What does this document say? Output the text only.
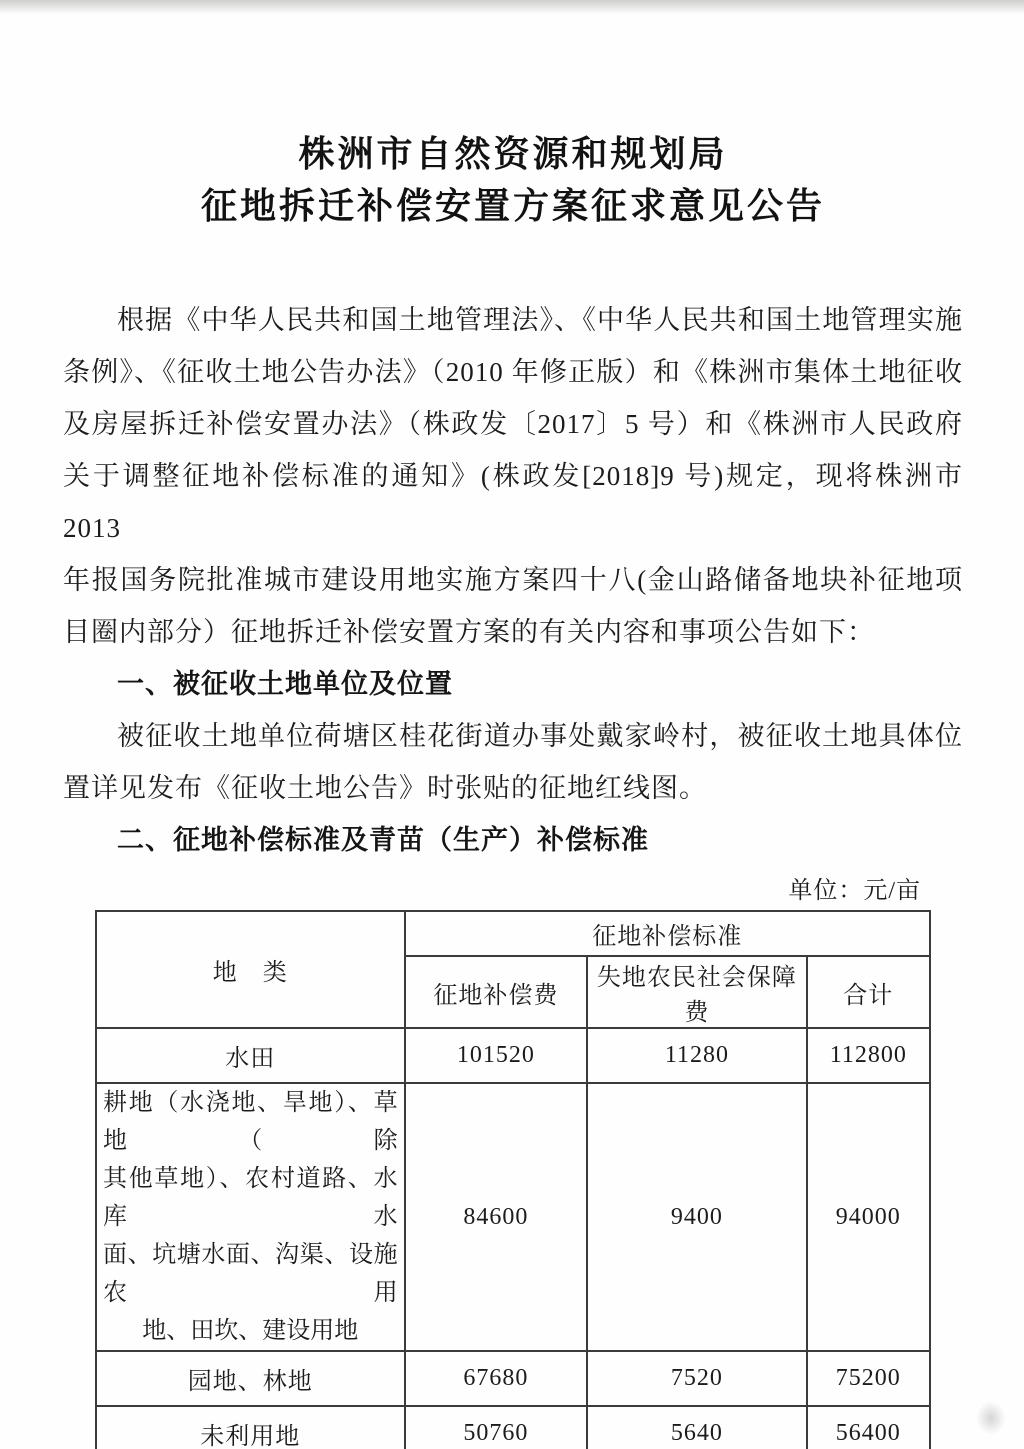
株洲市自然资源和规划局
征地拆迁补偿安置方案征求意见公告

根据《中华人民共和国土地管理法》、《中华人民共和国土地管理实施

条例》、《征收土地公告办法》（2010 年修正版）和《株洲市集体土地征收

及房屋拆迁补偿安置办法》（株政发〔2017〕5 号）和《株洲市人民政府

关于调整征地补偿标准的通知》(株政发[2018]9 号)规定，现将株洲市 2013

年报国务院批准城市建设用地实施方案四十八(金山路储备地块补征地项

目圈内部分）征地拆迁补偿安置方案的有关内容和事项公告如下：

一、被征收土地单位及位置

被征收土地单位荷塘区桂花街道办事处戴家岭村，被征收土地具体位

置详见发布《征收土地公告》时张贴的征地红线图。

二、征地补偿标准及青苗（生产）补偿标准

单位：元/亩
地　类	征地补偿标准		
	征地补偿费	失地农民社会保障费	合计
水田	101520	11280	112800

耕地（水浇地、旱地）、草地（除
其他草地）、农村道路、水库水
面、坑塘水面、沟渠、设施农用
地、田坎、建设用地	84600	9400	94000
园地、林地	67680	7520	75200
未利用地	50760	5640	56400
